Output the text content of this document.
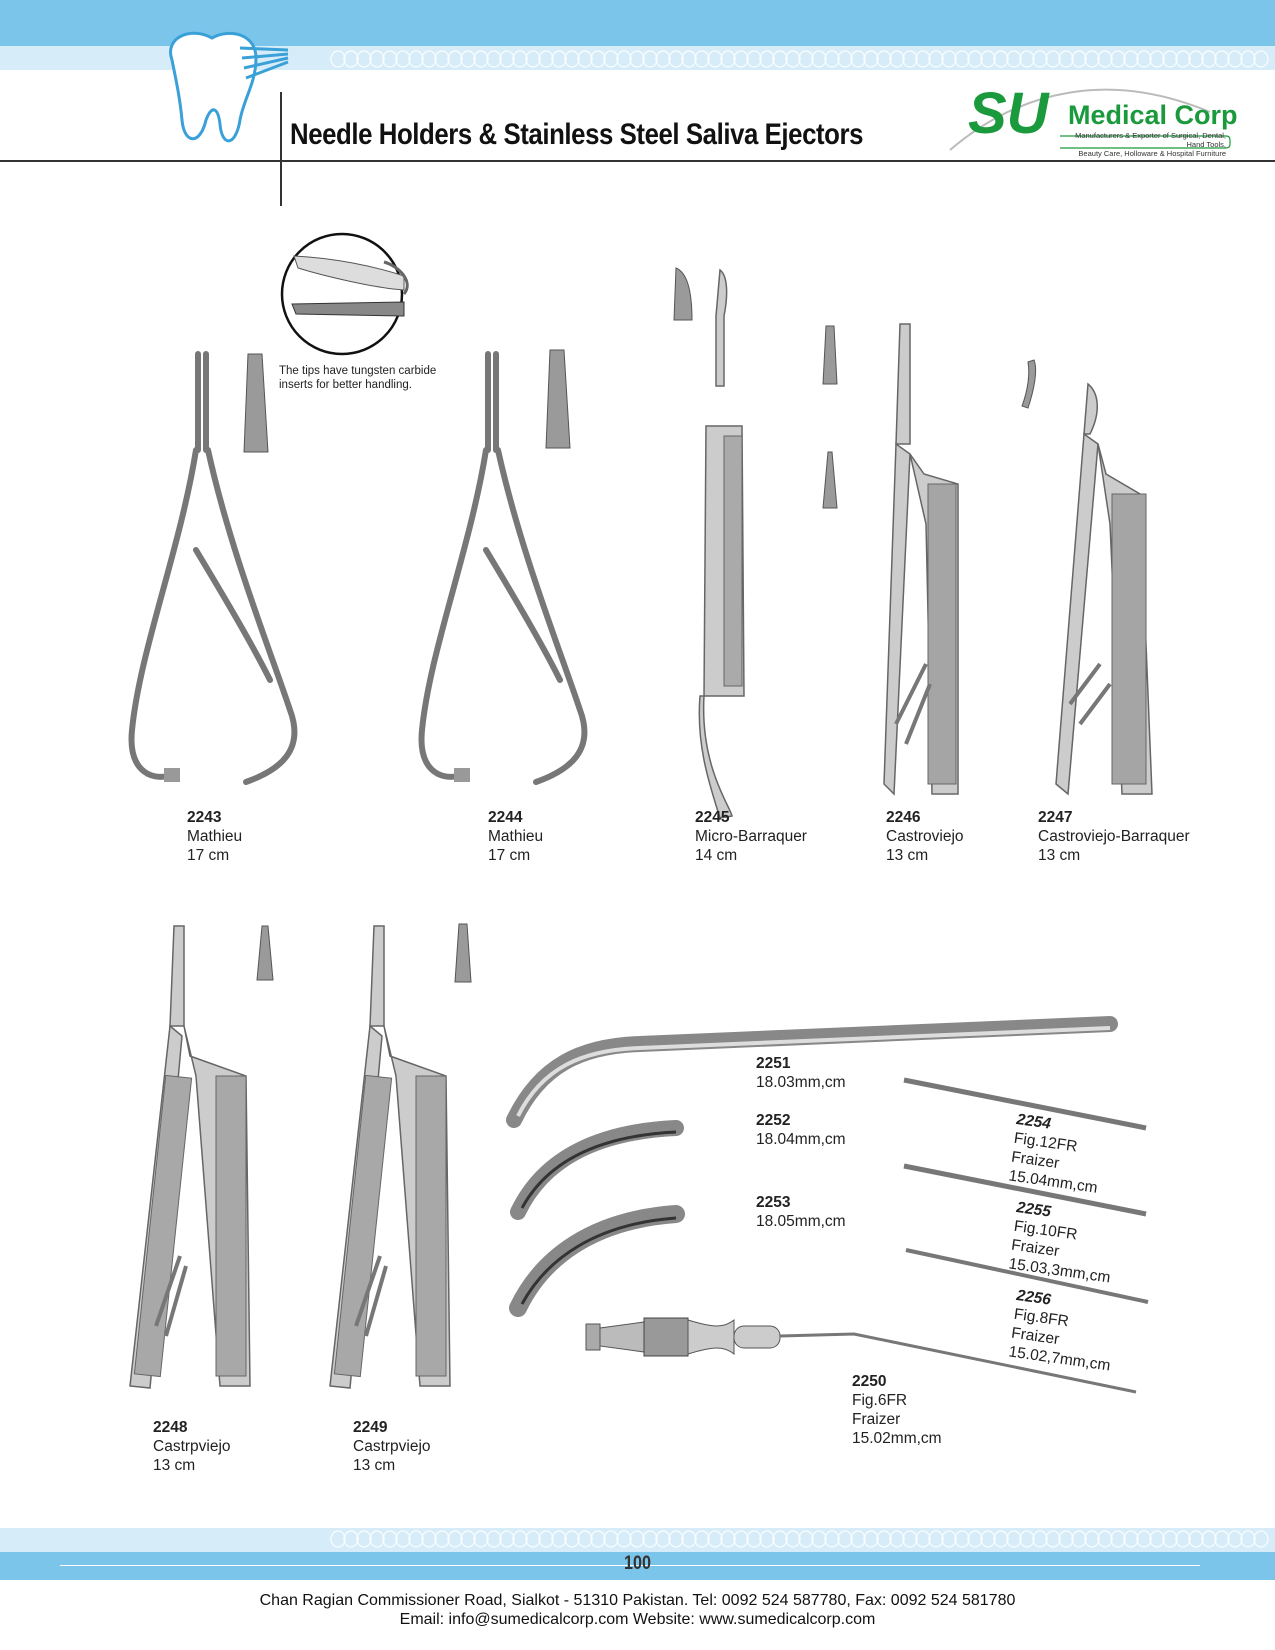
Needle Holders & Stainless Steel Saliva Ejectors SU Medical Corp
Manufacturers & Exporter of Surgical, Dental, Hand Tools,
Beauty Care, Holloware & Hospital Furniture
The tips have tungsten carbide
inserts for better handling.
2243
Mathieu
17 cm
2244
Mathieu
17 cm
2245
Micro-Barraquer
14 cm
2246
Castroviejo
13 cm
2247
Castroviejo-Barraquer
13 cm
2248
Castrpviejo
13 cm
2249
Castrpviejo
13 cm
2251
18.03mm,cm
2252
18.04mm,cm
2253
18.05mm,cm
2254
Fig.12FR
Fraizer
15.04mm,cm
2255
Fig.10FR
Fraizer
15.03,3mm,cm
2256
Fig.8FR
Fraizer
15.02,7mm,cm
2250
Fig.6FR
Fraizer
15.02mm,cm
100
Chan Ragian Commissioner Road, Sialkot - 51310 Pakistan. Tel: 0092 524 587780, Fax: 0092 524 581780
Email: info@sumedicalcorp.com Website: www.sumedicalcorp.com
